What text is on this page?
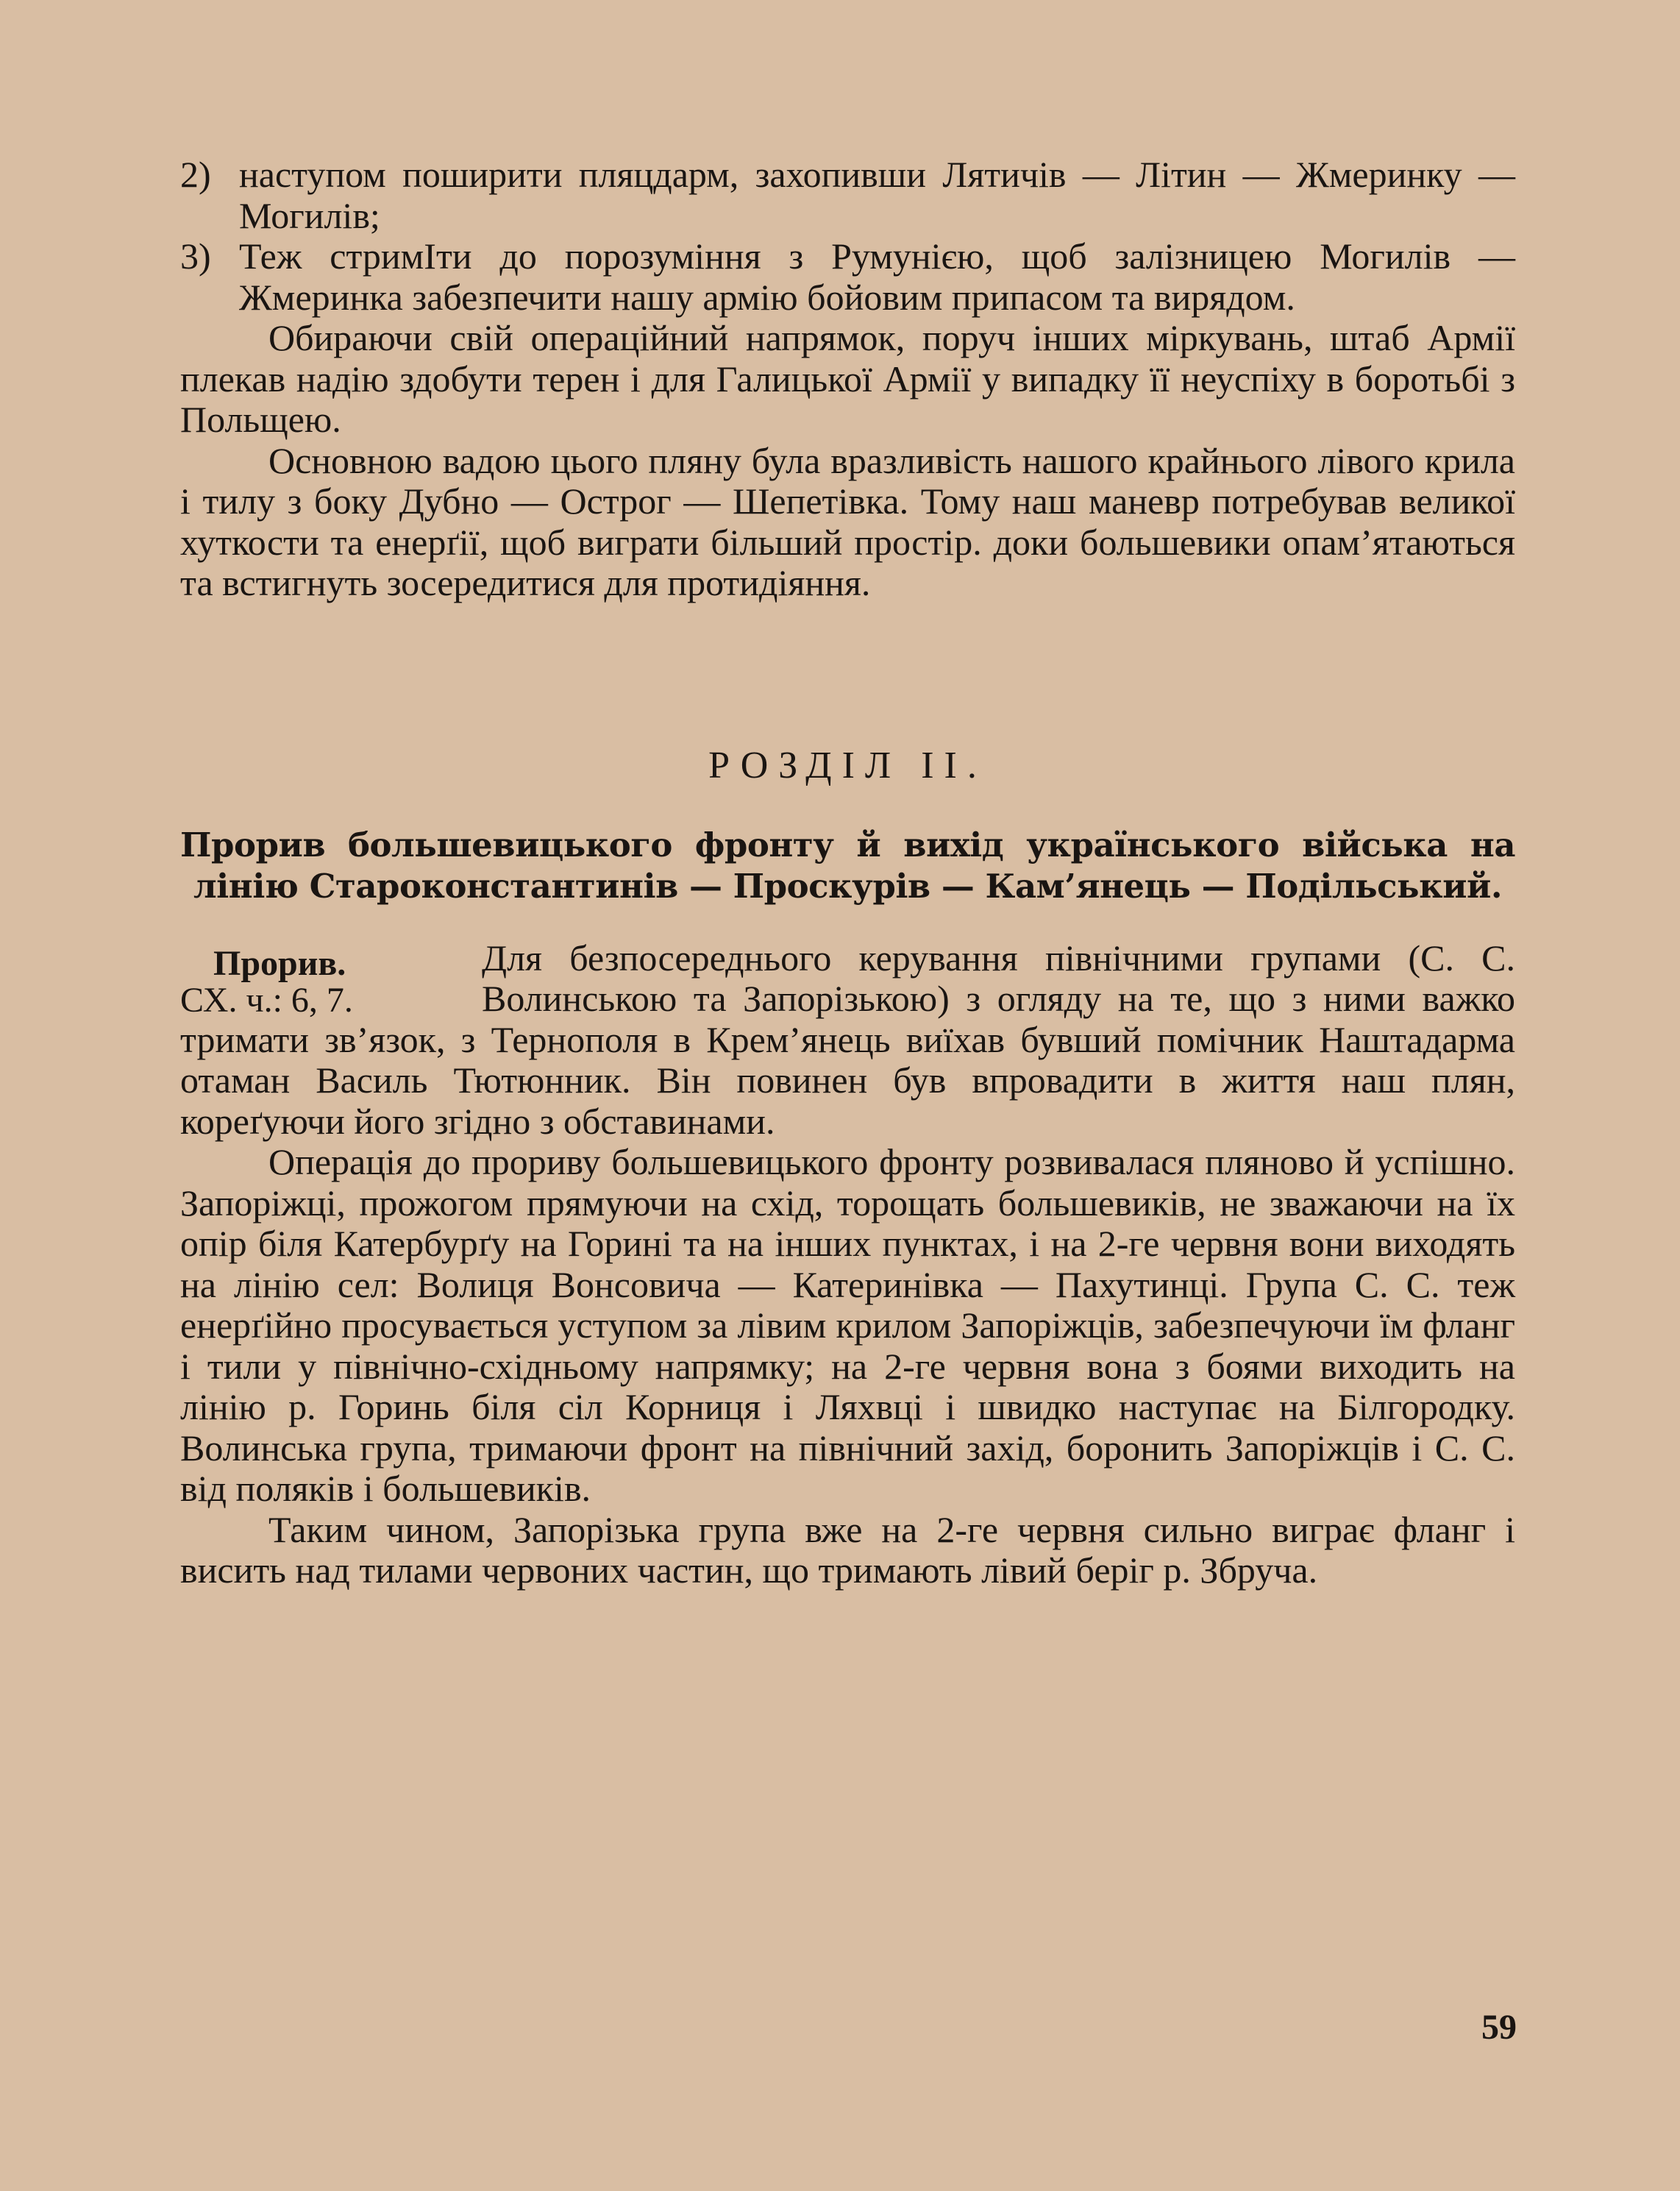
2) наступом поширити пляцдарм, захопивши Лятичів — Літин — Жмеринку — Могилів;

3) Теж стримІти до порозуміння з Румунією, щоб залізницею Могилів — Жмеринка забезпечити нашу армію бойовим припасом та вирядом.

Обираючи свій операційний напрямок, поруч інших міркувань, штаб Армії плекав надію здобути терен і для Галицької Армії у випадку її неуспіху в боротьбі з Польщею.

Основною вадою цього пляну була вразливість нашого крайнього лівого крила і тилу з боку Дубно — Острог — Шепетівка. Тому наш маневр потребував великої хуткости та енерґії, щоб виграти більший простір. доки большевики опам’ятаються та встигнуть зосередитися для протидіяння.

РОЗДІЛ II.
Прорив большевицького фронту й вихід українського війська на лінію Староконстантинів — Проскурів — Кам’янець — Подільський.
Прорив.
СХ. ч.: 6, 7.

Для безпосереднього керування північними групами (С. С. Волинською та Запорізькою) з огляду на те, що з ними важко тримати зв’язок, з Тернополя в Крем’янець виїхав бувший помічник Наштадарма отаман Василь Тютюнник. Він повинен був впровадити в життя наш плян, кореґуючи його згідно з обставинами.

Операція до прориву большевицького фронту розвивалася пляново й успішно. Запоріжці, прожогом прямуючи на схід, торощать большевиків, не зважаючи на їх опір біля Катербурґу на Горині та на інших пунктах, і на 2-ге червня вони виходять на лінію сел: Волиця Вонсовича — Катеринівка — Пахутинці. Група С. С. теж енерґійно просувається уступом за лівим крилом Запоріжців, забезпечуючи їм фланг і тили у північно-східньому напрямку; на 2-ге червня вона з боями виходить на лінію р. Горинь біля сіл Корниця і Ляхвці і швидко наступає на Білгородку. Волинська група, тримаючи фронт на північний захід, боронить Запоріжців і С. С. від поляків і большевиків.

Таким чином, Запорізька група вже на 2-ге червня сильно виграє фланг і висить над тилами червоних частин, що тримають лівий беріг р. Збруча.

59
